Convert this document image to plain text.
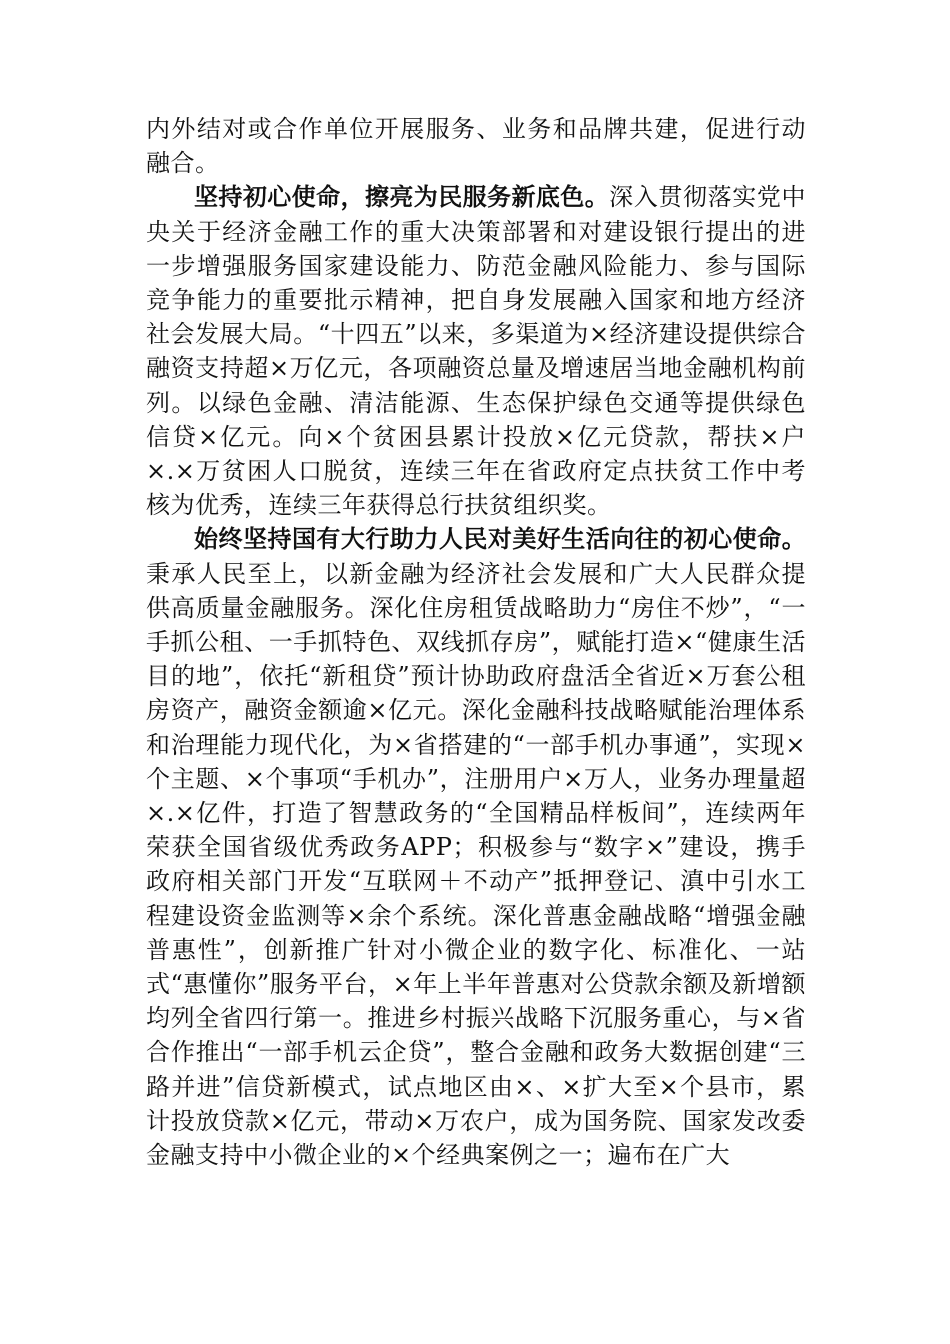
内外结对或合作单位开展服务、业务和品牌共建，促进行动融合。

坚持初心使命，擦亮为民服务新底色。深入贯彻落实党中央关于经济金融工作的重大决策部署和对建设银行提出的进一步增强服务国家建设能力、防范金融风险能力、参与国际竞争能力的重要批示精神，把自身发展融入国家和地方经济社会发展大局。“十四五”以来，多渠道为×经济建设提供综合融资支持超×万亿元，各项融资总量及增速居当地金融机构前列。以绿色金融、清洁能源、生态保护绿色交通等提供绿色信贷×亿元。向×个贫困县累计投放×亿元贷款，帮扶×户×.×万贫困人口脱贫，连续三年在省政府定点扶贫工作中考核为优秀，连续三年获得总行扶贫组织奖。

始终坚持国有大行助力人民对美好生活向往的初心使命。秉承人民至上，以新金融为经济社会发展和广大人民群众提供高质量金融服务。深化住房租赁战略助力“房住不炒”，“一手抓公租、一手抓特色、双线抓存房”，赋能打造×“健康生活目的地”，依托“新租贷”预计协助政府盘活全省近×万套公租房资产，融资金额逾×亿元。深化金融科技战略赋能治理体系和治理能力现代化，为×省搭建的“一部手机办事通”，实现×个主题、×个事项“手机办”，注册用户×万人，业务办理量超×.×亿件，打造了智慧政务的“全国精品样板间”，连续两年荣获全国省级优秀政务APP；积极参与“数字×”建设，携手政府相关部门开发“互联网＋不动产”抵押登记、滇中引水工程建设资金监测等×余个系统。深化普惠金融战略“增强金融普惠性”，创新推广针对小微企业的数字化、标准化、一站式“惠懂你”服务平台，×年上半年普惠对公贷款余额及新增额均列全省四行第一。推进乡村振兴战略下沉服务重心，与×省合作推出“一部手机云企贷”，整合金融和政务大数据创建“三路并进”信贷新模式，试点地区由×、×扩大至×个县市，累计投放贷款×亿元，带动×万农户，成为国务院、国家发改委金融支持中小微企业的×个经典案例之一；遍布在广大
